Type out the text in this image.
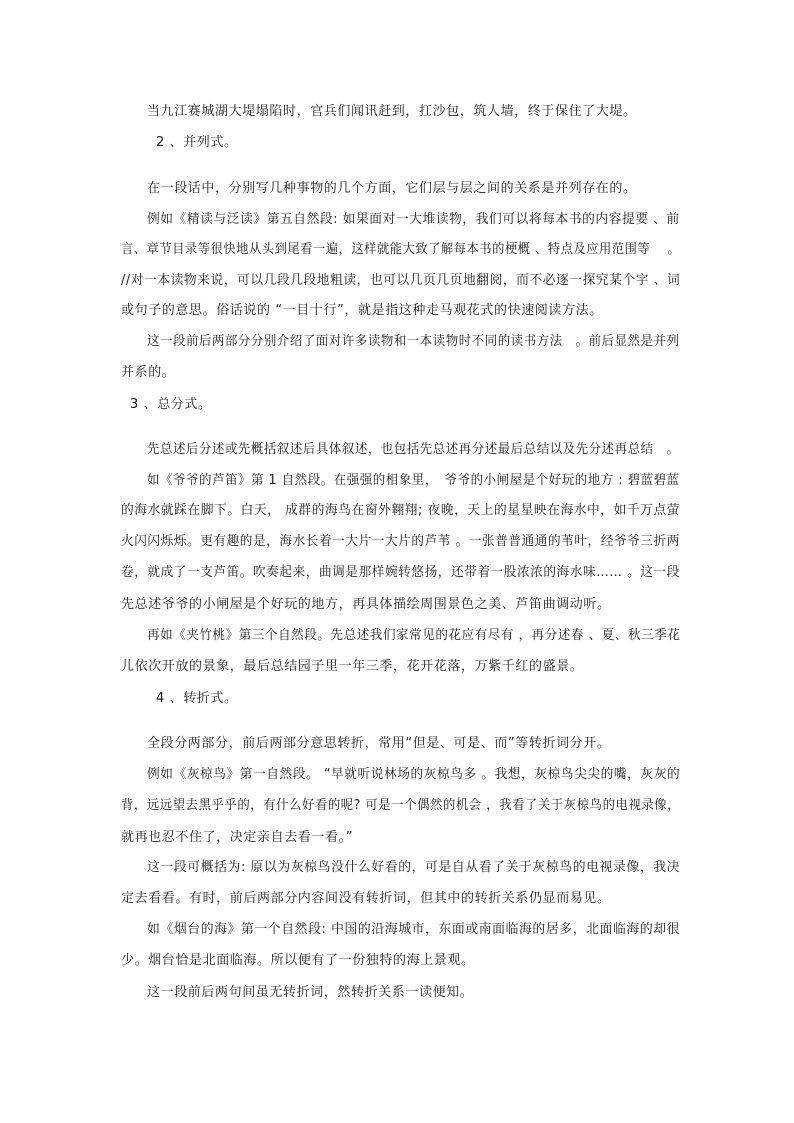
当九江赛城湖大堤塌陷时，官兵们闻讯赶到，扛沙包，筑人墙，终于保住了大堤。
2 、并列式。
在一段话中，分别写几种事物的几个方面，它们层与层之间的关系是并列存在的。
例如《精读与泛读》第五自然段: 如果面对一大堆读物，我们可以将每本书的内容提要 、前
言、章节目录等很快地从头到尾看一遍，这样就能大致了解每本书的梗概 、特点及应用范围等 　。
//对一本读物来说，可以几段几段地粗读，也可以几页几页地翻阅，而不必逐一探究某个字 、词
或句子的意思。俗话说的 “一目十行”，就是指这种走马观花式的快速阅读方法。
这一段前后两部分分别介绍了面对许多读物和一本读物时不同的读书方法　。前后显然是并列
并系的。
3 、总分式。
先总述后分述或先概括叙述后具体叙述，也包括先总述再分述最后总结以及先分述再总结　。
如《爷爷的芦笛》第 1 自然段。在强强的相象里，　爷爷的小闸屋是个好玩的地方 : 碧蓝碧蓝
的海水就踩在脚下。白天， 成群的海鸟在窗外翱翔; 夜晚，天上的星星映在海水中，如千万点萤
火闪闪烁烁。更有趣的是，海水长着一大片一大片的芦苇 。一张普普通通的苇叶，经爷爷三折两
卷，就成了一支芦笛。吹奏起来，曲调是那样婉转悠扬，还带着一股浓浓的海水味…… 。这一段
先总述爷爷的小闸屋是个好玩的地方，再具体描绘周围景色之美、芦笛曲调动听。
再如《夹竹桃》第三个自然段。先总述我们家常见的花应有尽有 ，再分述春 、夏、秋三季花
儿依次开放的景象，最后总结园子里一年三季，花开花落，万紫千红的盛景。
4 、转折式。
全段分两部分，前后两部分意思转折，常用“但是、可是、而”等转折词分开。
例如《灰椋鸟》第一自然段。 “早就听说林场的灰椋鸟多 。我想，灰椋鸟尖尖的嘴，灰灰的
背，远远望去黑乎乎的，有什么好看的呢? 可是一个偶然的机会 ，我看了关于灰椋鸟的电视录像，
就再也忍不住了，决定亲自去看一看。”
这一段可概括为: 原以为灰椋鸟没什么好看的，可是自从看了关于灰椋鸟的电视录像，我决
定去看看。有时，前后两部分内容间没有转折词，但其中的转折关系仍显而易见。
如《烟台的海》第一个自然段: 中国的沿海城市，东面或南面临海的居多，北面临海的却很
少。烟台恰是北面临海。所以便有了一份独特的海上景观。
这一段前后两句间虽无转折词，然转折关系一读便知。
